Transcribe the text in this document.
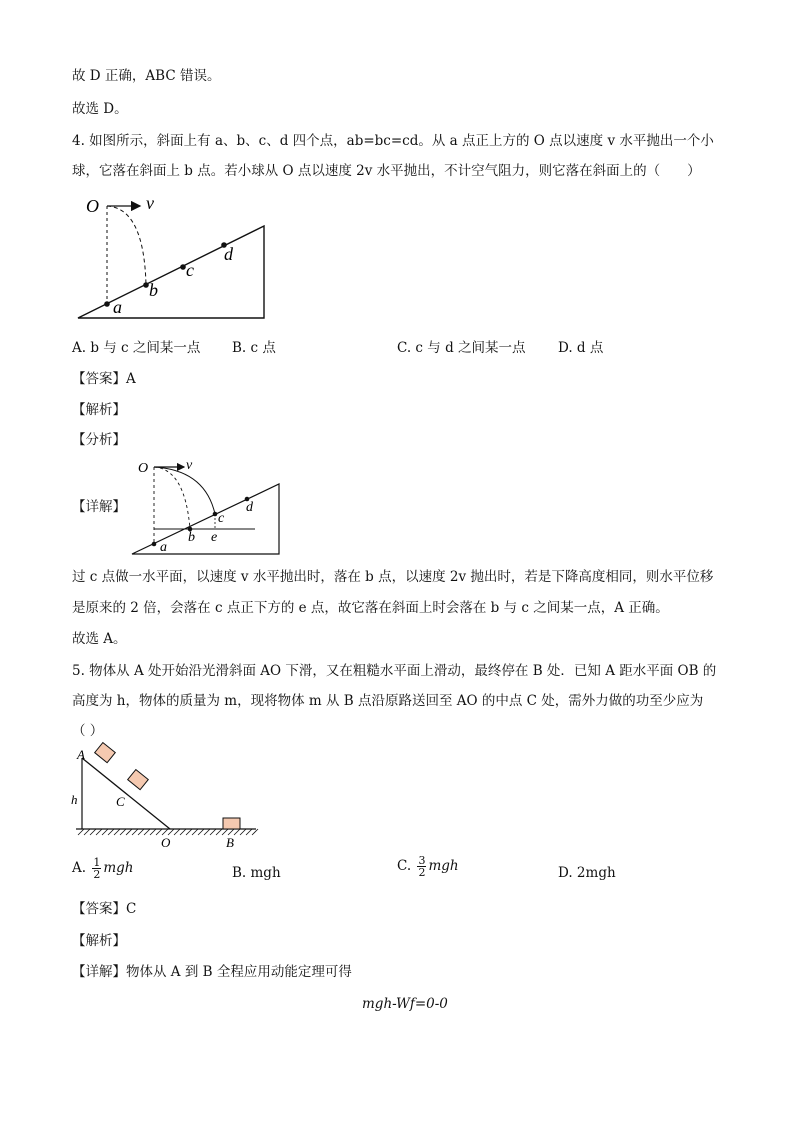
故 D 正确，ABC 错误。
故选 D。
4. 如图所示，斜面上有 a、b、c、d 四个点，ab=bc=cd。从 a 点正上方的 O 点以速度 v 水平抛出一个小
球，它落在斜面上 b 点。若小球从 O 点以速度 2v 水平抛出，不计空气阻力，则它落在斜面上的（　　）
O	v
a
b
c
d
A. b 与 c 之间某一点 B. c 点	C. c 与 d 之间某一点 D. d 点
【答案】A
【解析】
【分析】
【详解】
O	v
a
b
c
e
d
过 c 点做一水平面，以速度 v 水平抛出时，落在 b 点，以速度 2v 抛出时，若是下降高度相同，则水平位移
是原来的 2 倍，会落在 c 点正下方的 e 点，故它落在斜面上时会落在 b 与 c 之间某一点，A 正确。
故选 A。
5. 物体从 A 处开始沿光滑斜面 AO 下滑，又在粗糙水平面上滑动，最终停在 B 处．已知 A 距水平面 OB 的
高度为 h，物体的质量为 m，现将物体 m 从 B 点沿原路送回至 AO 的中点 C 处，需外力做的功至少应为
（ ）
A
C
h
O	B
A. $\frac{1}{2}$ mgh	B. mgh	C. $\frac{3}{2}$ mgh	D. 2mgh
【答案】C
【解析】
【详解】物体从 A 到 B 全程应用动能定理可得
mgh-Wf=0-0
